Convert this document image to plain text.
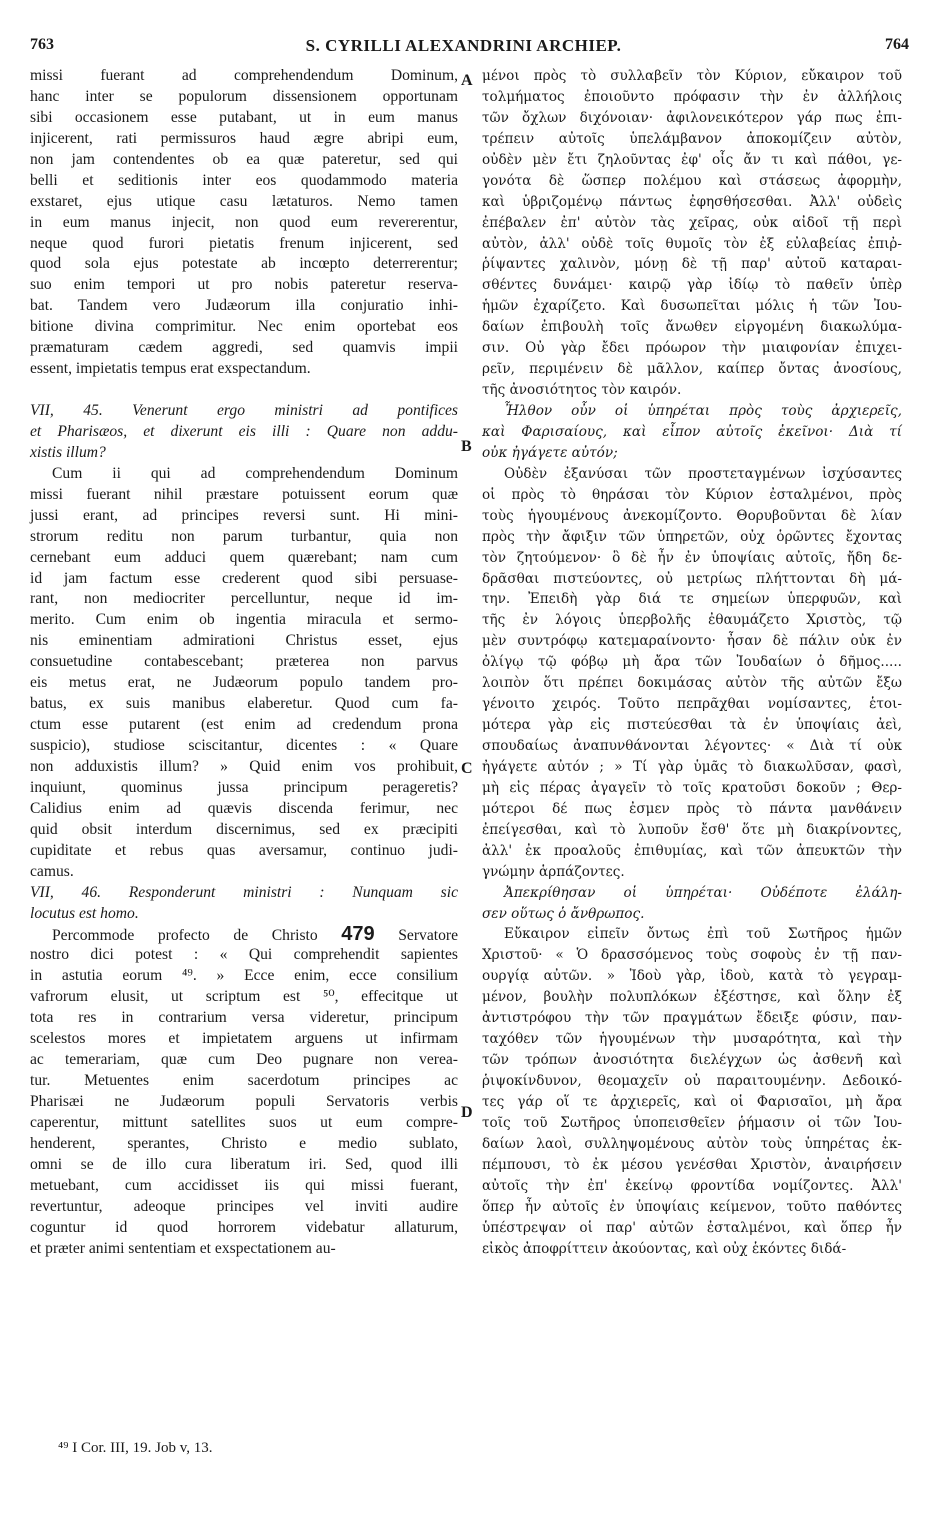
763	S. CYRILLI ALEXANDRINI ARCHIEP.	764
missi fuerant ad comprehendendum Dominum,
hanc inter se populorum dissensionem opportunam
sibi occasionem esse putabant, ut in eum manus
injicerent, rati permissuros haud ægre abripi eum,
non jam contendentes ob ea quæ pateretur, sed qui
belli et seditionis inter eos quodammodo materia
exstaret, ejus utique casu lætaturos. Nemo tamen
in eum manus injecit, non quod eum revererentur,
neque quod furori pietatis frenum injicerent, sed
quod sola ejus potestate ab incœpto deterrerentur;
suo enim tempori ut pro nobis pateretur reserva-
bat. Tandem vero Judæorum illa conjuratio inhi-
bitione divina comprimitur. Nec enim oportebat eos
præmaturam cædem aggredi, sed quamvis impii
essent, impietatis tempus erat exspectandum.
VII, 45. Venerunt ergo ministri ad pontifices
et Pharisæos, et dixerunt eis illi : Quare non addu-
xistis illum?
Cum ii qui ad comprehendendum Dominum
missi fuerant nihil præstare potuissent eorum quæ
jussi erant, ad principes reversi sunt. Hi mini-
strorum reditu non parum turbantur, quia non
cernebant eum adduci quem quærebant; nam cum
id jam factum esse crederent quod sibi persuase-
rant, non mediocriter percelluntur, neque id im-
merito. Cum enim ob ingentia miracula et sermo-
nis eminentiam admirationi Christus esset, ejus
consuetudine contabescebant; præterea non parvus
eis metus erat, ne Judæorum populo tandem pro-
batus, ex suis manibus elaberetur. Quod cum fa-
ctum esse putarent (est enim ad credendum prona
suspicio), studiose sciscitantur, dicentes : « Quare
non adduxistis illum? » Quid enim vos prohibuit,
inquiunt, quominus jussa principum perageretis?
Calidius enim ad quævis discenda ferimur, nec
quid obsit interdum discernimus, sed ex præcipiti
cupiditate et rebus quas aversamur, continuo judi-
camus.
VII, 46. Responderunt ministri : Nunquam sic
locutus est homo.
Percommode profecto de Christo 479 Servatore
nostro dici potest : « Qui comprehendit sapientes
in astutia eorum ⁴⁹. » Ecce enim, ecce consilium
vafrorum elusit, ut scriptum est ⁵⁰, effecitque ut
tota res in contrarium versa videretur, principum
scelestos mores et impietatem arguens ut infirmam
ac temerariam, quæ cum Deo pugnare non vereа-
tur. Metuentes enim sacerdotum principes ac
Pharisæi ne Judæorum populi Servatoris verbis
caperentur, mittunt satellites suos ut eum compre-
henderent, sperantes, Christo e medio sublato,
omni se de illo cura liberatum iri. Sed, quod illi
metuebant, cum accidisset iis qui missi fuerant,
revertuntur, adeoque principes vel inviti audire
coguntur id quod horrorem videbatur allaturum,
et præter animi sententiam et exspectationem au-
μένοι πρὸς τὸ συλλαβεῖν τὸν Κύριον, εὔκαιρον τοῦ
τολμήματος ἐποιοῦντο πρόφασιν τὴν ἐν ἀλλήλοις
τῶν ὄχλων διχόνοιαν· ἀφιλονεικότερον γάρ πως ἐπι-
τρέπειν αὐτοῖς ὑπελάμβανον ἀποκομίζειν αὐτὸν,
οὐδὲν μὲν ἔτι ζηλοῦντας ἐφ' οἷς ἄν τι καὶ πάθοι, γε-
γονότα δὲ ὥσπερ πολέμου καὶ στάσεως ἀφορμὴν,
καὶ ὑβριζομένῳ πάντως ἐφησθήσεσθαι. Ἀλλ' οὐδεὶς
ἐπέβαλεν ἐπ' αὐτὸν τὰς χεῖρας, οὐκ αἰδοῖ τῇ περὶ
αὐτὸν, ἀλλ' οὐδὲ τοῖς θυμοῖς τὸν ἐξ εὐλαβείας ἐπιῤ-
ῥίψαντες χαλινὸν, μόνῃ δὲ τῇ παρ' αὐτοῦ καταραι-
σθέντες δυνάμει· καιρῷ γὰρ ἰδίῳ τὸ παθεῖν ὑπὲρ
ἡμῶν ἐχαρίζετο. Καὶ δυσωπεῖται μόλις ἡ τῶν Ἰου-
δαίων ἐπιβουλὴ τοῖς ἄνωθεν εἰργομένη διακωλύμα-
σιν. Οὐ γὰρ ἔδει πρόωρον τὴν μιαιφονίαν ἐπιχει-
ρεῖν, περιμένειν δὲ μᾶλλον, καίπερ ὄντας ἀνοσίους,
τῆς ἀνοσιότητος τὸν καιρόν.
Ἦλθον οὖν οἱ ὑπηρέται πρὸς τοὺς ἀρχιερεῖς,
καὶ Φαρισαίους, καὶ εἶπον αὐτοῖς ἐκεῖνοι· Διὰ τί
οὐκ ἠγάγετε αὐτόν;
Οὐδὲν ἐξανύσαι τῶν προστεταγμένων ἰσχύσαντες
οἱ πρὸς τὸ θηράσαι τὸν Κύριον ἐσταλμένοι, πρὸς
τοὺς ἡγουμένους ἀνεκομίζοντο. Θορυβοῦνται δὲ λίαν
πρὸς τὴν ἄφιξιν τῶν ὑπηρετῶν, οὐχ ὁρῶντες ἔχοντας
τὸν ζητούμενον· ὃ δὲ ἦν ἐν ὑποψίαις αὐτοῖς, ἤδη δε-
δρᾶσθαι πιστεύοντες, οὐ μετρίως πλήττονται δὴ μά-
την. Ἐπειδὴ γὰρ διά τε σημείων ὑπερφυῶν, καὶ
τῆς ἐν λόγοις ὑπερβολῆς ἐθαυμάζετο Χριστὸς, τῷ
μὲν συντρόφῳ κατεμαραίνοντο· ἦσαν δὲ πάλιν οὐκ ἐν
ὀλίγῳ τῷ φόβῳ μὴ ἄρα τῶν Ἰουδαίων ὁ δῆμος.....
λοιπὸν ὅτι πρέπει δοκιμάσας αὐτὸν τῆς αὐτῶν ἔξω
γένοιτο χειρός. Τοῦτο πεπρᾶχθαι νομίσαντες, ἑτοι-
μότερα γὰρ εἰς πιστεύεσθαι τὰ ἐν ὑποψίαις ἀεὶ,
σπουδαίως ἀναπυνθάνονται λέγοντες· « Διὰ τί οὐκ
ἠγάγετε αὐτόν ; » Τί γὰρ ὑμᾶς τὸ διακωλῦσαν, φασὶ,
μὴ εἰς πέρας ἀγαγεῖν τὸ τοῖς κρατοῦσι δοκοῦν ; Θερ-
μότεροι δέ πως ἐσμεν πρὸς τὸ πάντα μανθάνειν
ἐπείγεσθαι, καὶ τὸ λυποῦν ἔσθ' ὅτε μὴ διακρίνοντες,
ἀλλ' ἐκ προαλοῦς ἐπιθυμίας, καὶ τῶν ἀπευκτῶν τὴν
γνώμην ἁρπάζοντες.
Ἀπεκρίθησαν οἱ ὑπηρέται· Οὐδέποτε ἐλάλη-
σεν οὕτως ὁ ἄνθρωπος.
Εὔκαιρον εἰπεῖν ὄντως ἐπὶ τοῦ Σωτῆρος ἡμῶν
Χριστοῦ· « Ὁ δρασσόμενος τοὺς σοφοὺς ἐν τῇ παν-
ουργίᾳ αὐτῶν. » Ἰδοὺ γὰρ, ἰδοὺ, κατὰ τὸ γεγραμ-
μένον, βουλὴν πολυπλόκων ἐξέστησε, καὶ ὅλην ἐξ
ἀντιστρόφου τὴν τῶν πραγμάτων ἔδειξε φύσιν, παν-
ταχόθεν τῶν ἡγουμένων τὴν μυσαρότητα, καὶ τὴν
τῶν τρόπων ἀνοσιότητα διελέγχων ὡς ἀσθενῆ καὶ
ῥιψοκίνδυνον, θεομαχεῖν οὐ παραιτουμένην. Δεδοικό-
τες γάρ οἵ τε ἀρχιερεῖς, καὶ οἱ Φαρισαῖοι, μὴ ἄρα
τοῖς τοῦ Σωτῆρος ὑποπεισθεῖεν ῥήμασιν οἱ τῶν Ἰου-
δαίων λαοὶ, συλληψομένους αὐτὸν τοὺς ὑπηρέτας ἐκ-
πέμπουσι, τὸ ἐκ μέσου γενέσθαι Χριστὸν, ἀναιρήσειν
αὐτοῖς τὴν ἐπ' ἐκείνῳ φροντίδα νομίζοντες. Ἀλλ'
ὅπερ ἦν αὐτοῖς ἐν ὑποψίαις κείμενον, τοῦτο παθόντες
ὑπέστρεψαν οἱ παρ' αὐτῶν ἐσταλμένοι, καὶ ὅπερ ἦν
εἰκὸς ἀποφρίττειν ἀκούοντας, καὶ οὐχ ἑκόντες διδά-
A
B
C
D
⁴⁹ I Cor. III, 19. Job v, 13.
